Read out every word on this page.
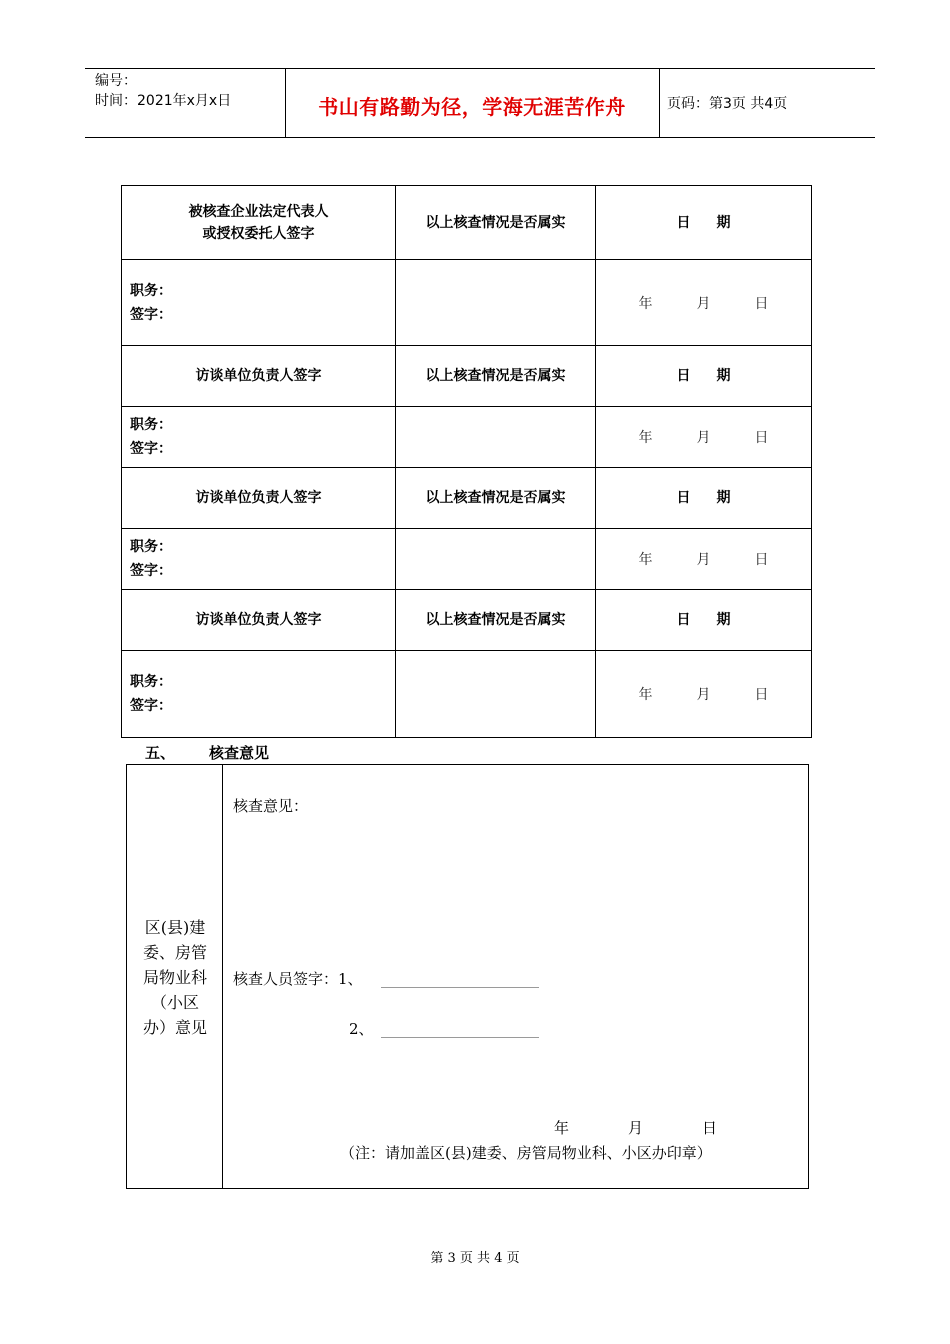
编号：
时间：2021年x月x日	书山有路勤为径，学海无涯苦作舟	页码：第3页 共4页
被核查企业法定代表人
或授权委托人签字	以上核查情况是否属实	日 期

职务：
签字：		年 月 日
访谈单位负责人签字	以上核查情况是否属实	日 期

职务：
签字：		年 月 日
访谈单位负责人签字	以上核查情况是否属实	日 期

职务：
签字：		年 月 日
访谈单位负责人签字	以上核查情况是否属实	日 期

职务：
签字：		年 月 日
五、 核查意见
区(县)建
委、房管
局物业科
（小区
办）意见
核查意见：
核查人员签字：1、
2、
年	月	日
（注：请加盖区(县)建委、房管局物业科、小区办印章）
第 3 页 共 4 页
